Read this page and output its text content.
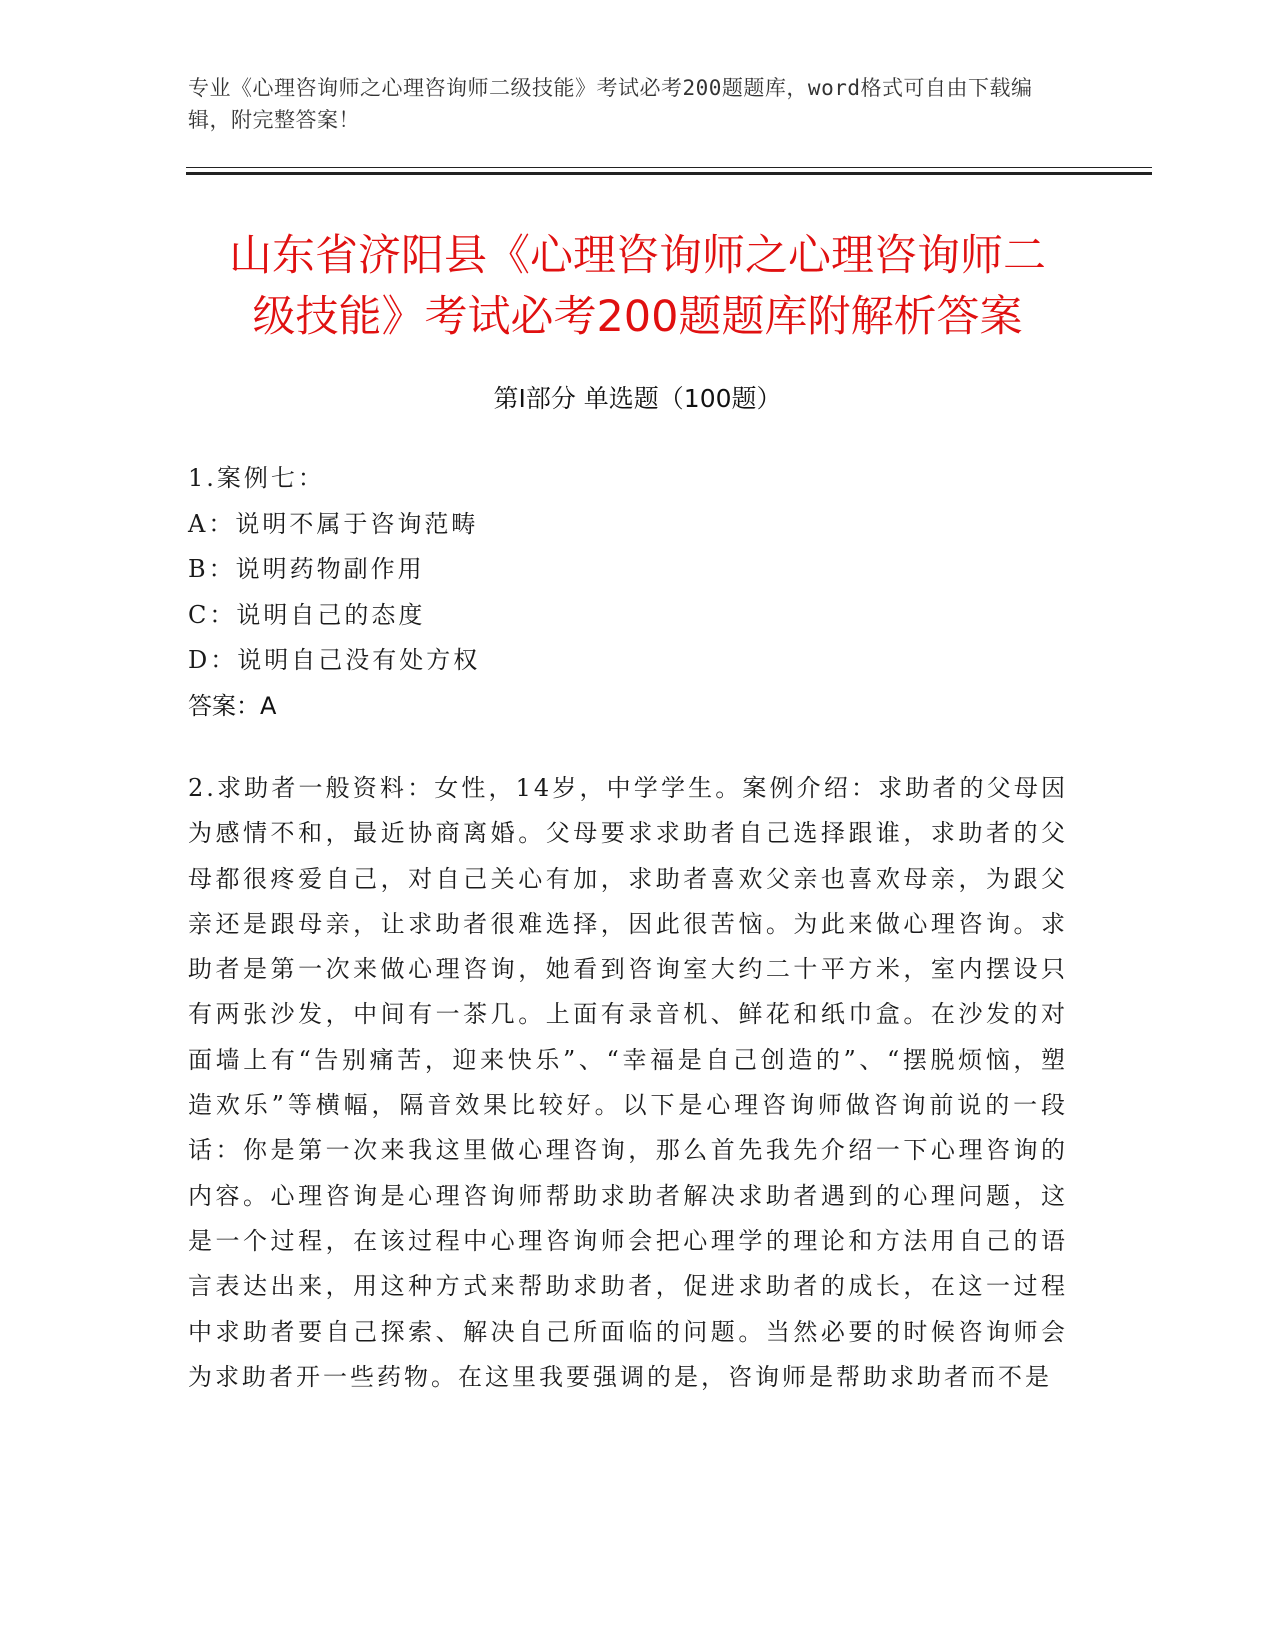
专业《心理咨询师之心理咨询师二级技能》考试必考200题题库，word格式可自由下载编辑，附完整答案！
山东省济阳县《心理咨询师之心理咨询师二
级技能》考试必考200题题库附解析答案
第Ⅰ部分 单选题（100题）
1.案例七：
A：说明不属于咨询范畴
B：说明药物副作用
C：说明自己的态度
D：说明自己没有处方权
答案：A
2.求助者一般资料：女性，14岁，中学学生。案例介绍：求助者的父母因为感情不和，最近协商离婚。父母要求求助者自己选择跟谁，求助者的父母都很疼爱自己，对自己关心有加，求助者喜欢父亲也喜欢母亲，为跟父亲还是跟母亲，让求助者很难选择，因此很苦恼。为此来做心理咨询。求助者是第一次来做心理咨询，她看到咨询室大约二十平方米，室内摆设只有两张沙发，中间有一茶几。上面有录音机、鲜花和纸巾盒。在沙发的对面墙上有“告别痛苦，迎来快乐”、“幸福是自己创造的”、“摆脱烦恼，塑造欢乐”等横幅，隔音效果比较好。以下是心理咨询师做咨询前说的一段话：你是第一次来我这里做心理咨询，那么首先我先介绍一下心理咨询的内容。心理咨询是心理咨询师帮助求助者解决求助者遇到的心理问题，这是一个过程，在该过程中心理咨询师会把心理学的理论和方法用自己的语言表达出来，用这种方式来帮助求助者，促进求助者的成长，在这一过程中求助者要自己探索、解决自己所面临的问题。当然必要的时候咨询师会为求助者开一些药物。在这里我要强调的是，咨询师是帮助求助者而不是
